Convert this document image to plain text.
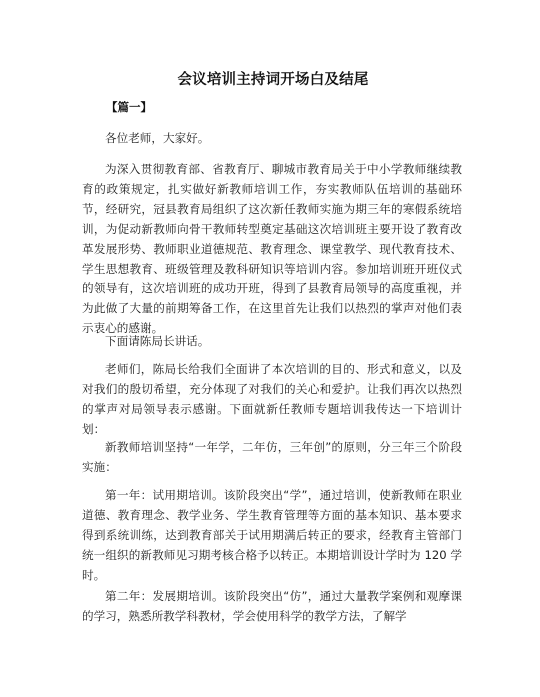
会议培训主持词开场白及结尾
【篇一】

各位老师，大家好。

为深入贯彻教育部、省教育厅、聊城市教育局关于中小学教师继续教育的政策规定，扎实做好新教师培训工作，夯实教师队伍培训的基础环节，经研究，冠县教育局组织了这次新任教师实施为期三年的寒假系统培训，为促动新教师向骨干教师转型奠定基础这次培训班主要开设了教育改革发展形势、教师职业道德规范、教育理念、课堂教学、现代教育技术、学生思想教育、班级管理及教科研知识等培训内容。参加培训班开班仪式的领导有，这次培训班的成功开班，得到了县教育局领导的高度重视，并为此做了大量的前期筹备工作，在这里首先让我们以热烈的掌声对他们表示衷心的感谢。

下面请陈局长讲话。

老师们，陈局长给我们全面讲了本次培训的目的、形式和意义，以及对我们的殷切希望，充分体现了对我们的关心和爱护。让我们再次以热烈的掌声对局领导表示感谢。下面就新任教师专题培训我传达一下培训计划：

新教师培训坚持“一年学，二年仿，三年创”的原则，分三年三个阶段实施：

第一年：试用期培训。该阶段突出“学”，通过培训，使新教师在职业道德、教育理念、教学业务、学生教育管理等方面的基本知识、基本要求得到系统训练，达到教育部关于试用期满后转正的要求，经教育主管部门统一组织的新教师见习期考核合格予以转正。本期培训设计学时为 120 学时。

第二年：发展期培训。该阶段突出“仿”，通过大量教学案例和观摩课的学习，熟悉所教学科教材，学会使用科学的教学方法，了解学
